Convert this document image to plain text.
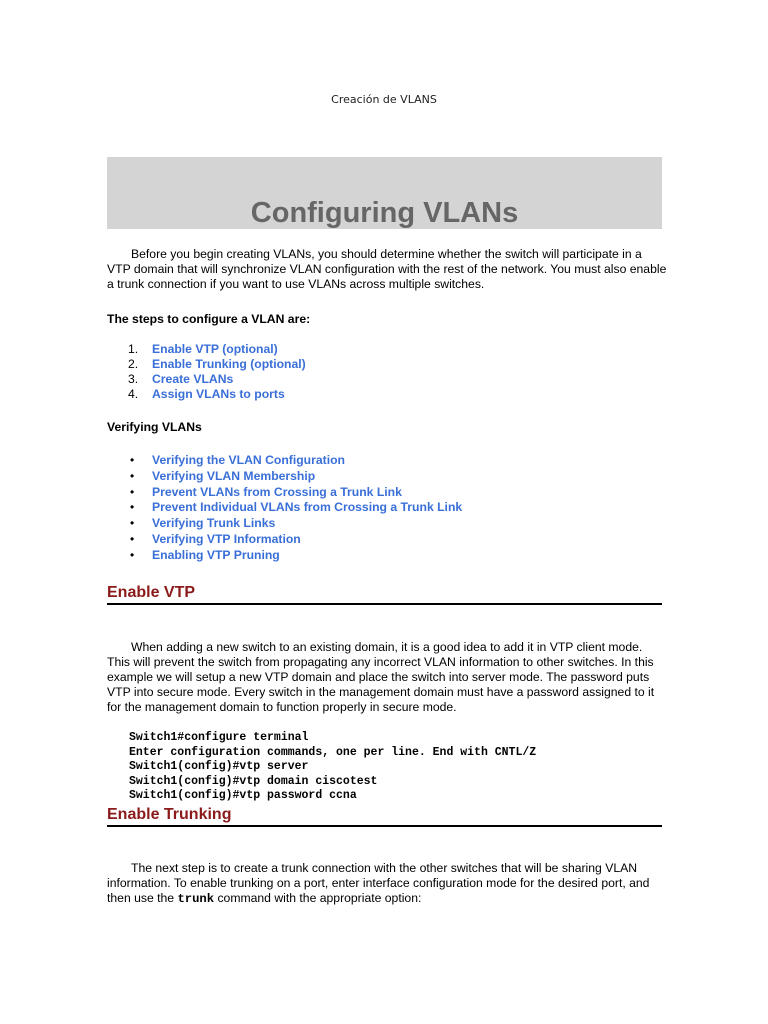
Creación de VLANS
Configuring VLANs

Before you begin creating VLANs, you should determine whether the switch will participate in a VTP domain that will synchronize VLAN configuration with the rest of the network. You must also enable a trunk connection if you want to use VLANs across multiple switches.

The steps to configure a VLAN are:

1. Enable VTP (optional)
2. Enable Trunking (optional)
3. Create VLANs
4. Assign VLANs to ports

Verifying VLANs

• Verifying the VLAN Configuration
• Verifying VLAN Membership
• Prevent VLANs from Crossing a Trunk Link
• Prevent Individual VLANs from Crossing a Trunk Link
• Verifying Trunk Links
• Verifying VTP Information
• Enabling VTP Pruning
Enable VTP

When adding a new switch to an existing domain, it is a good idea to add it in VTP client mode. This will prevent the switch from propagating any incorrect VLAN information to other switches. In this example we will setup a new VTP domain and place the switch into server mode. The password puts VTP into secure mode. Every switch in the management domain must have a password assigned to it for the management domain to function properly in secure mode.

Switch1#configure terminal
Enter configuration commands, one per line. End with CNTL/Z
Switch1(config)#vtp server
Switch1(config)#vtp domain ciscotest
Switch1(config)#vtp password ccna
Enable Trunking

The next step is to create a trunk connection with the other switches that will be sharing VLAN information. To enable trunking on a port, enter interface configuration mode for the desired port, and then use the trunk command with the appropriate option:
